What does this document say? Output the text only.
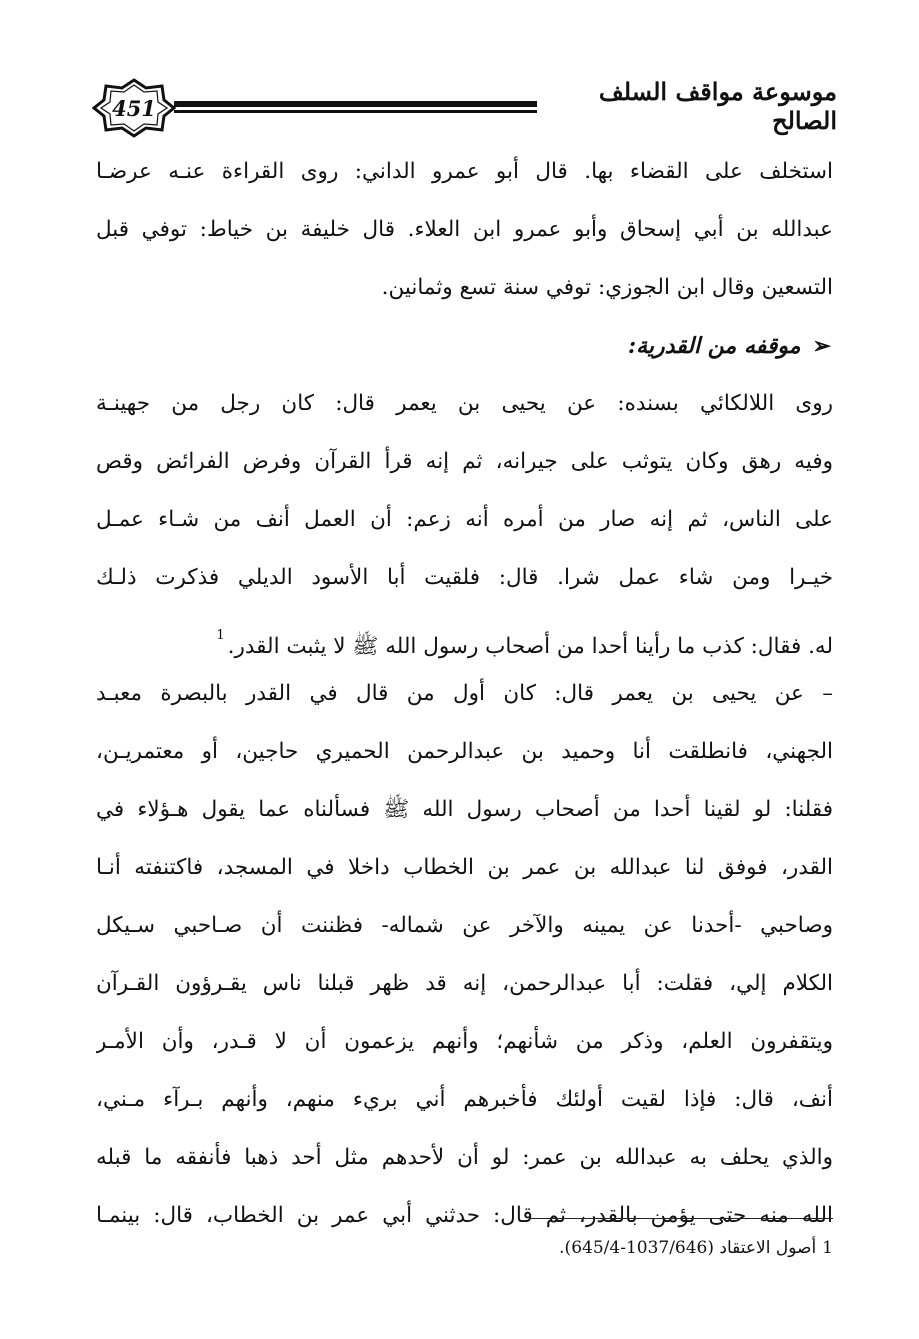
451
موسوعة مواقف السلف الصالح
استخلف على القضاء بها. قال أبو عمرو الداني: روى القراءة عنـه عرضـا
عبدالله بن أبي إسحاق وأبو عمرو ابن العلاء. قال خليفة بن خياط: توفي قبل
التسعين وقال ابن الجوزي: توفي سنة تسع وثمانين.
➢موقفه من القدرية:
روى اللالكائي بسنده: عن يحيى بن يعمر قال: كان رجل من جهينـة
وفيه رهق وكان يتوثب على جيرانه، ثم إنه قرأ القرآن وفرض الفرائض وقص
على الناس، ثم إنه صار من أمره أنه زعم: أن العمل أنف من شـاء عمـل
خيـرا ومن شاء عمل شرا. قال: فلقيت أبا الأسود الديلي فذكرت ذلـك
له. فقال: كذب ما رأينا أحدا من أصحاب رسول الله ﷺ لا يثبت القدر.$^1$
– عن يحيى بن يعمر قال: كان أول من قال في القدر بالبصرة معبـد
الجهني، فانطلقت أنا وحميد بن عبدالرحمن الحميري حاجين، أو معتمريـن،
فقلنا: لو لقينا أحدا من أصحاب رسول الله ﷺ فسألناه عما يقول هـؤلاء في
القدر، فوفق لنا عبدالله بن عمر بن الخطاب داخلا في المسجد، فاكتنفته أنـا
وصاحبي -أحدنا عن يمينه والآخر عن شماله- فظننت أن صـاحبي سـيكل
الكلام إلي، فقلت: أبا عبدالرحمن، إنه قد ظهر قبلنا ناس يقـرؤون القـرآن
ويتقفرون العلم، وذكر من شأنهم؛ وأنهم يزعمون أن لا قـدر، وأن الأمـر
أنف، قال: فإذا لقيت أولئك فأخبرهم أني بريء منهم، وأنهم بـرآء مـني،
والذي يحلف به عبدالله بن عمر: لو أن لأحدهم مثل أحد ذهبا فأنفقه ما قبله
الله منه حتى يؤمن بالقدر، ثم قال: حدثني أبي عمر بن الخطاب، قال: بينمـا
1أصول الاعتقاد (1037/646-645/4).
